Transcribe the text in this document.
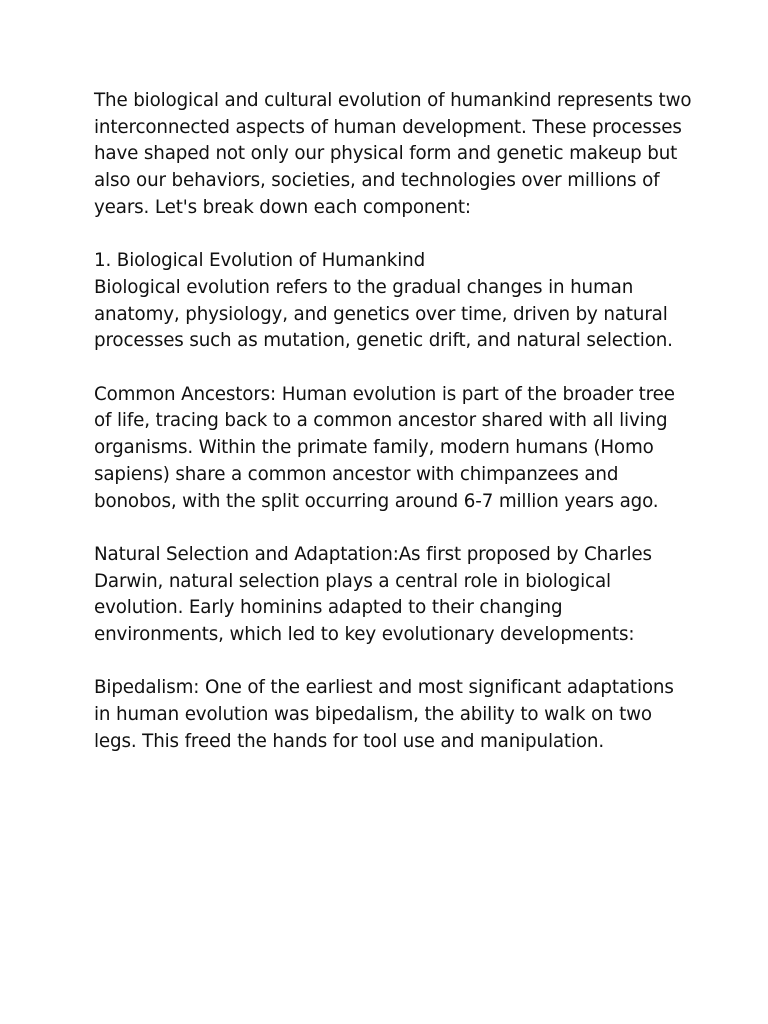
The biological and cultural evolution of humankind represents two interconnected aspects of human development. These processes have shaped not only our physical form and genetic makeup but also our behaviors, societies, and technologies over millions of years. Let's break down each component:

1. Biological Evolution of Humankind
Biological evolution refers to the gradual changes in human anatomy, physiology, and genetics over time, driven by natural processes such as mutation, genetic drift, and natural selection.

Common Ancestors: Human evolution is part of the broader tree of life, tracing back to a common ancestor shared with all living organisms. Within the primate family, modern humans (Homo sapiens) share a common ancestor with chimpanzees and bonobos, with the split occurring around 6-7 million years ago.

Natural Selection and Adaptation:As first proposed by Charles Darwin, natural selection plays a central role in biological evolution. Early hominins adapted to their changing environments, which led to key evolutionary developments:

Bipedalism: One of the earliest and most significant adaptations in human evolution was bipedalism, the ability to walk on two legs. This freed the hands for tool use and manipulation.
